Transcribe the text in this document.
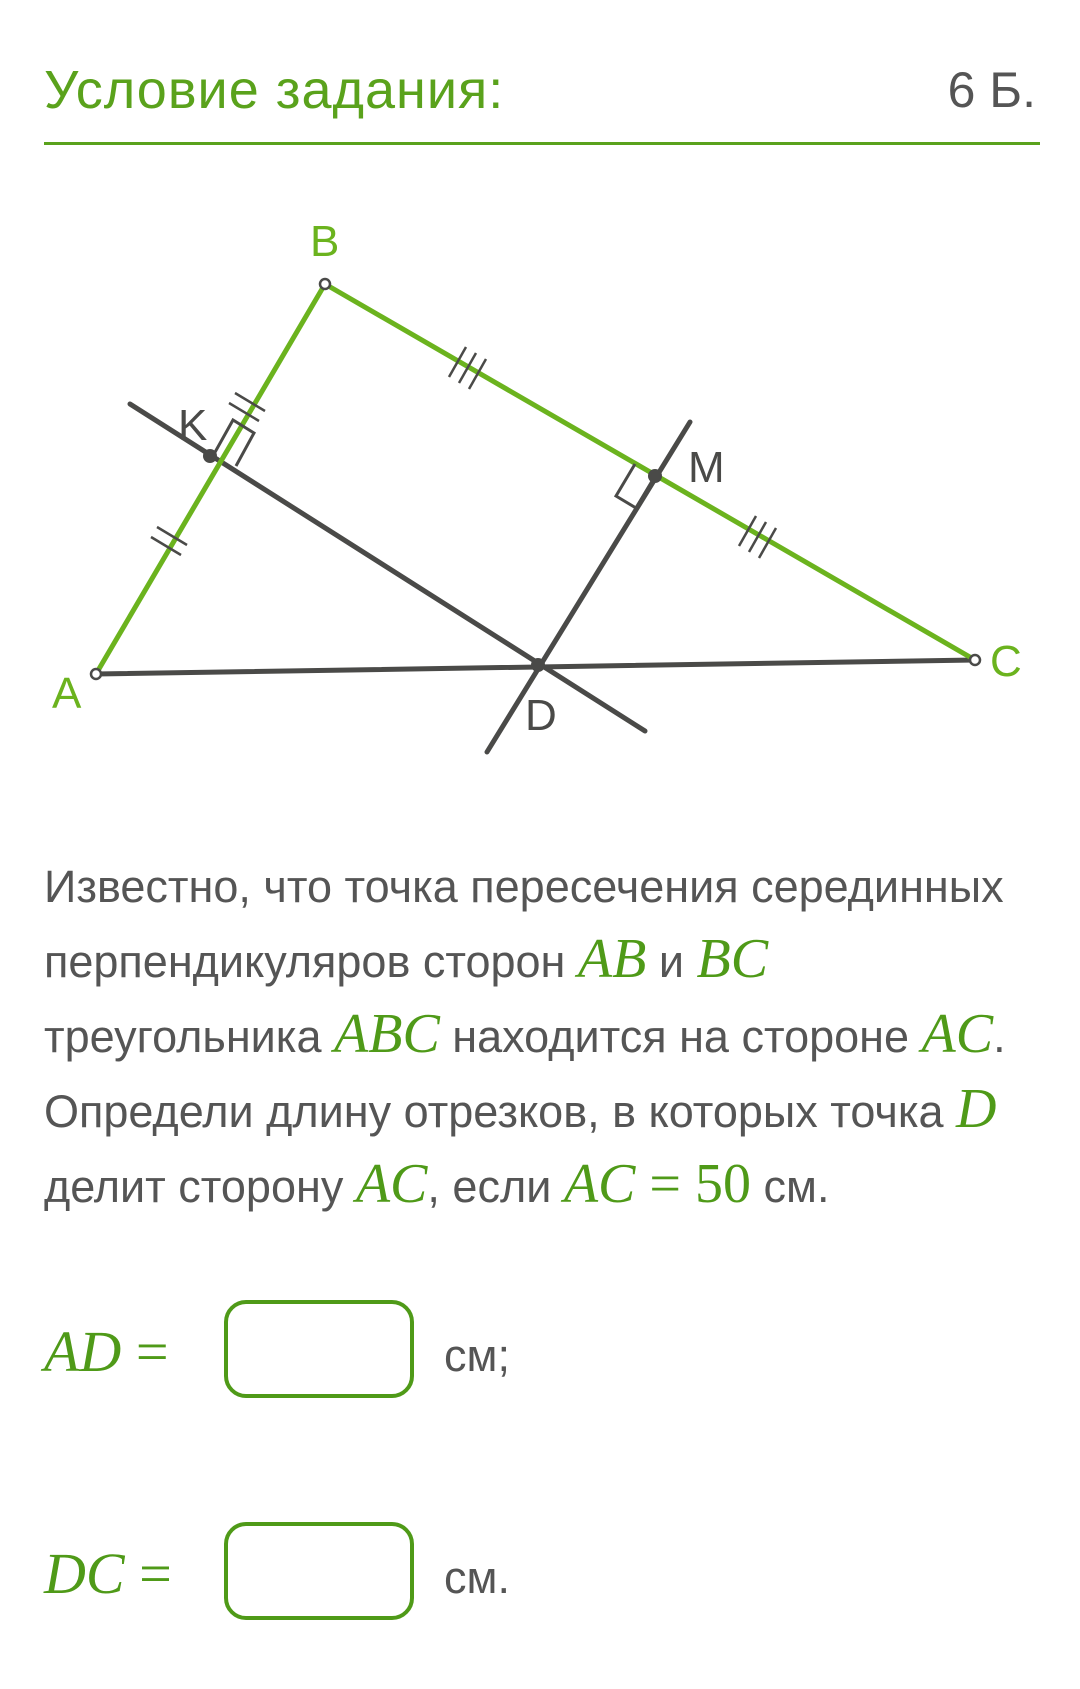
Условие задания:	6 Б.
A
B
C
D
K
M
Известно, что точка пересечения серединных перпендикуляров сторон AB и BC треугольника ABC находится на стороне AC. Определи длину отрезков, в которых точка D делит сторону AC, если AC = 50 см.
AD =	см;
DC =	см.
